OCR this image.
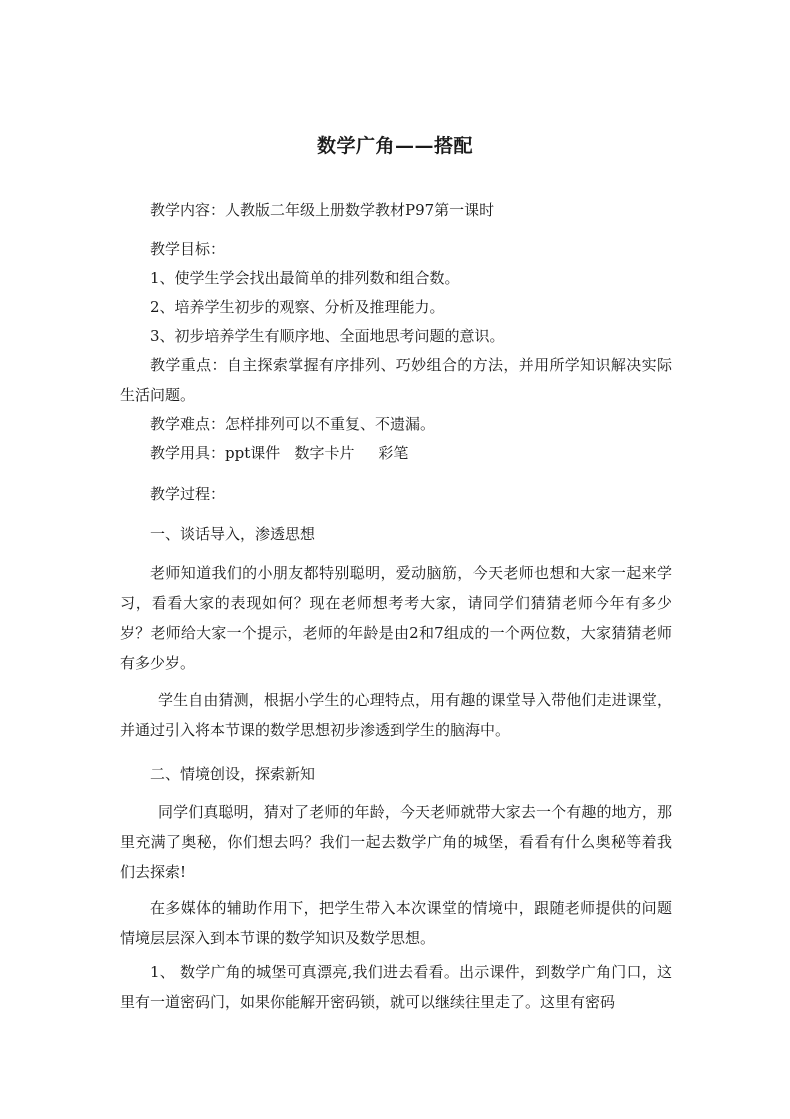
数学广角——搭配
教学内容：人教版二年级上册数学教材P97第一课时
教学目标：
1、使学生学会找出最简单的排列数和组合数。
2、培养学生初步的观察、分析及推理能力。
3、初步培养学生有顺序地、全面地思考问题的意识。
教学重点：自主探索掌握有序排列、巧妙组合的方法，并用所学知识解决实际生活问题。
教学难点：怎样排列可以不重复、不遗漏。
教学用具：ppt课件   数字卡片     彩笔
教学过程：
一、谈话导入，渗透思想
老师知道我们的小朋友都特别聪明，爱动脑筋，今天老师也想和大家一起来学习，看看大家的表现如何？现在老师想考考大家，请同学们猜猜老师今年有多少岁？老师给大家一个提示，老师的年龄是由2和7组成的一个两位数，大家猜猜老师有多少岁。
学生自由猜测，根据小学生的心理特点，用有趣的课堂导入带他们走进课堂，并通过引入将本节课的数学思想初步渗透到学生的脑海中。
二、情境创设，探索新知
同学们真聪明，猜对了老师的年龄，今天老师就带大家去一个有趣的地方，那里充满了奥秘，你们想去吗？我们一起去数学广角的城堡，看看有什么奥秘等着我们去探索!
在多媒体的辅助作用下，把学生带入本次课堂的情境中，跟随老师提供的问题情境层层深入到本节课的数学知识及数学思想。
1、 数学广角的城堡可真漂亮,我们进去看看。出示课件，到数学广角门口，这里有一道密码门，如果你能解开密码锁，就可以继续往里走了。这里有密码
